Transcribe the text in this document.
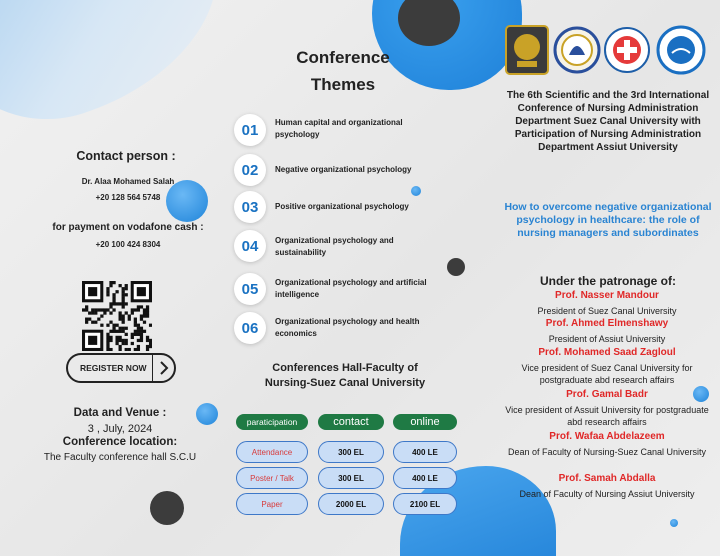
Contact person :
Dr. Alaa Mohamed Salah
+20 128 564 5748
for payment on vodafone cash :
+20 100 424 8304
REGISTER NOW
Data and Venue :
3 , July, 2024
Conference location:
The Faculty conference hall S.C.U
Conference
Themes
01	Human capital and organizational psychology
02	Negative organizational psychology
03	Positive organizational psychology
04	Organizational psychology and sustainability
05	Organizational psychology and artificial intelligence
06	Organizational psychology and health economics
Conferences Hall-Faculty of
Nursing-Suez Canal University
paraticipation	contact	online
Attendance	300 EL	400 LE
Poster / Talk	300 EL	400 LE
Paper	2000 EL	2100 EL
The 6th Scientific and the 3rd International Conference of Nursing Administration Department Suez Canal University with Participation of Nursing Administration Department Assiut University
How to overcome negative organizational psychology in healthcare: the role of nursing managers and subordinates
Under the patronage of:
Prof. Nasser Mandour
President of Suez Canal University
Prof. Ahmed Elmenshawy
President of Assiut University
Prof. Mohamed Saad Zagloul
Vice president of Suez Canal University for postgraduate abd research affairs
Prof. Gamal Badr
Vice president of Assuit University for postgraduate abd research affairs
Prof. Wafaa Abdelazeem
Dean of Faculty of Nursing-Suez Canal University
Prof. Samah Abdalla
Dean of Faculty of Nursing Assiut University
